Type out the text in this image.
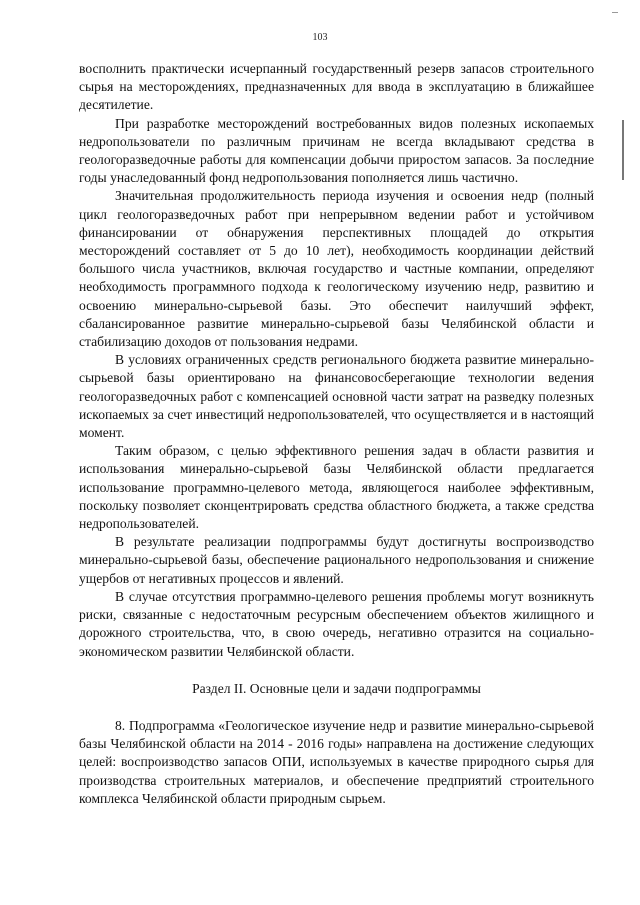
103

восполнить практически исчерпанный государственный резерв запасов строительного сырья на месторождениях, предназначенных для ввода в эксплуатацию в ближайшее десятилетие.

При разработке месторождений востребованных видов полезных ископаемых недропользователи по различным причинам не всегда вкладывают средства в геологоразведочные работы для компенсации добычи приростом запасов. За последние годы унаследованный фонд недропользования пополняется лишь частично.

Значительная продолжительность периода изучения и освоения недр (полный цикл геологоразведочных работ при непрерывном ведении работ и устойчивом финансировании от обнаружения перспективных площадей до открытия месторождений составляет от 5 до 10 лет), необходимость координации действий большого числа участников, включая государство и частные компании, определяют необходимость программного подхода к геологическому изучению недр, развитию и освоению минерально-сырьевой базы. Это обеспечит наилучший эффект, сбалансированное развитие минерально-сырьевой базы Челябинской области и стабилизацию доходов от пользования недрами.

В условиях ограниченных средств регионального бюджета развитие минерально-сырьевой базы ориентировано на финансовосберегающие технологии ведения геологоразведочных работ с компенсацией основной части затрат на разведку полезных ископаемых за счет инвестиций недропользователей, что осуществляется и в настоящий момент.

Таким образом, с целью эффективного решения задач в области развития и использования минерально-сырьевой базы Челябинской области предлагается использование программно-целевого метода, являющегося наиболее эффективным, поскольку позволяет сконцентрировать средства областного бюджета, а также средства недропользователей.

В результате реализации подпрограммы будут достигнуты воспроизводство минерально-сырьевой базы, обеспечение рационального недропользования и снижение ущербов от негативных процессов и явлений.

В случае отсутствия программно-целевого решения проблемы могут возникнуть риски, связанные с недостаточным ресурсным обеспечением объектов жилищного и дорожного строительства, что, в свою очередь, негативно отразится на социально-экономическом развитии Челябинской области.

Раздел II. Основные цели и задачи подпрограммы

8. Подпрограмма «Геологическое изучение недр и развитие минерально-сырьевой базы Челябинской области на 2014 - 2016 годы» направлена на достижение следующих целей: воспроизводство запасов ОПИ, используемых в качестве природного сырья для производства строительных материалов, и обеспечение предприятий строительного комплекса Челябинской области природным сырьем.
